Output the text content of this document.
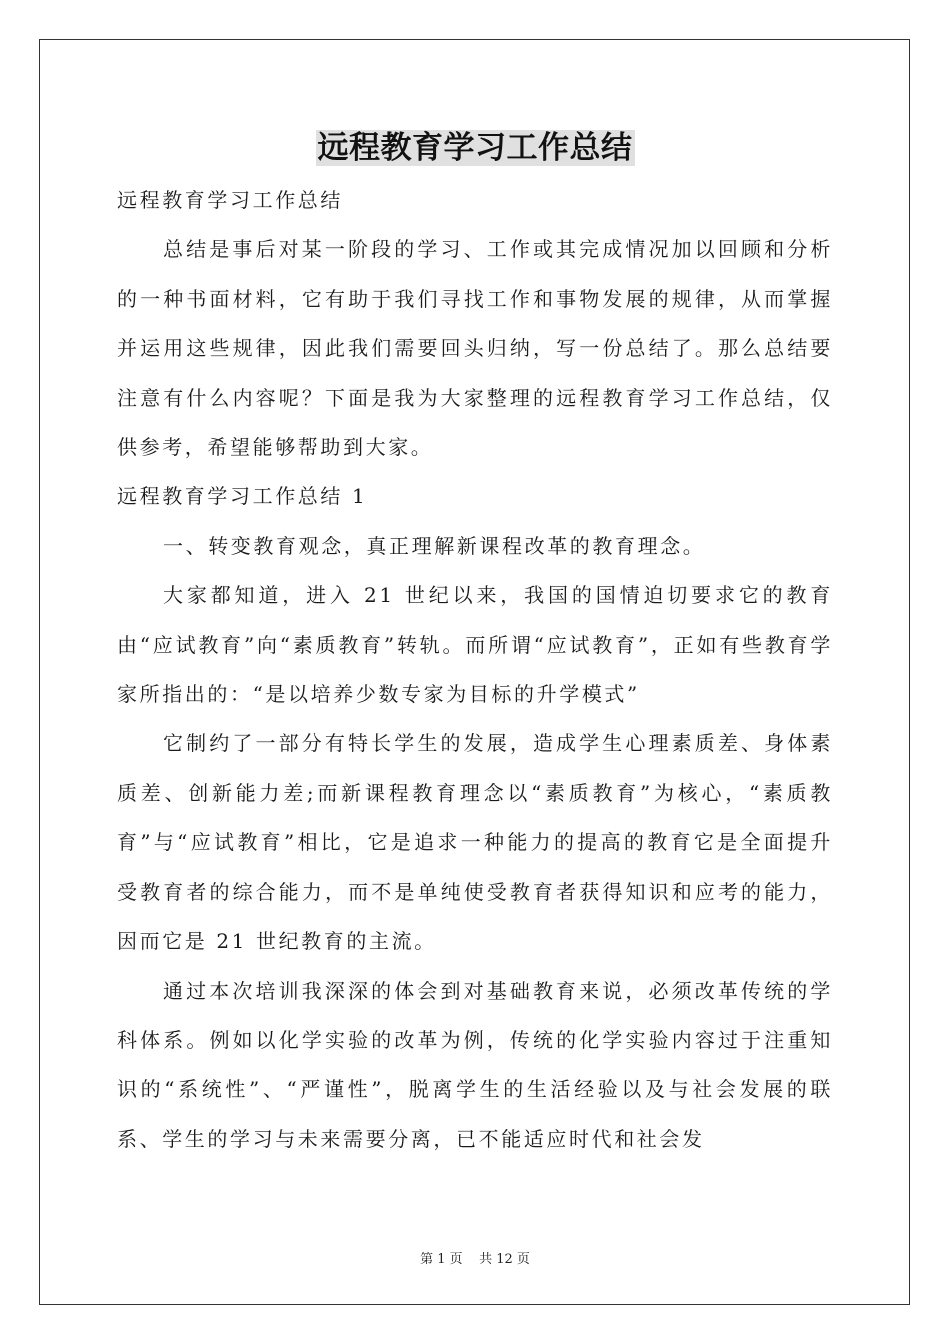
远程教育学习工作总结

远程教育学习工作总结

总结是事后对某一阶段的学习、工作或其完成情况加以回顾和分析的一种书面材料，它有助于我们寻找工作和事物发展的规律，从而掌握并运用这些规律，因此我们需要回头归纳，写一份总结了。那么总结要注意有什么内容呢？下面是我为大家整理的远程教育学习工作总结，仅供参考，希望能够帮助到大家。

远程教育学习工作总结 1

一、转变教育观念，真正理解新课程改革的教育理念。

大家都知道，进入 21 世纪以来，我国的国情迫切要求它的教育由“应试教育”向“素质教育”转轨。而所谓“应试教育”，正如有些教育学家所指出的：“是以培养少数专家为目标的升学模式”

它制约了一部分有特长学生的发展，造成学生心理素质差、身体素质差、创新能力差;而新课程教育理念以“素质教育”为核心，“素质教育”与“应试教育”相比，它是追求一种能力的提高的教育它是全面提升受教育者的综合能力，而不是单纯使受教育者获得知识和应考的能力，因而它是 21 世纪教育的主流。

通过本次培训我深深的体会到对基础教育来说，必须改革传统的学科体系。例如以化学实验的改革为例，传统的化学实验内容过于注重知识的“系统性”、“严谨性”，脱离学生的生活经验以及与社会发展的联系、学生的学习与未来需要分离，已不能适应时代和社会发

第 1 页    共 12 页
